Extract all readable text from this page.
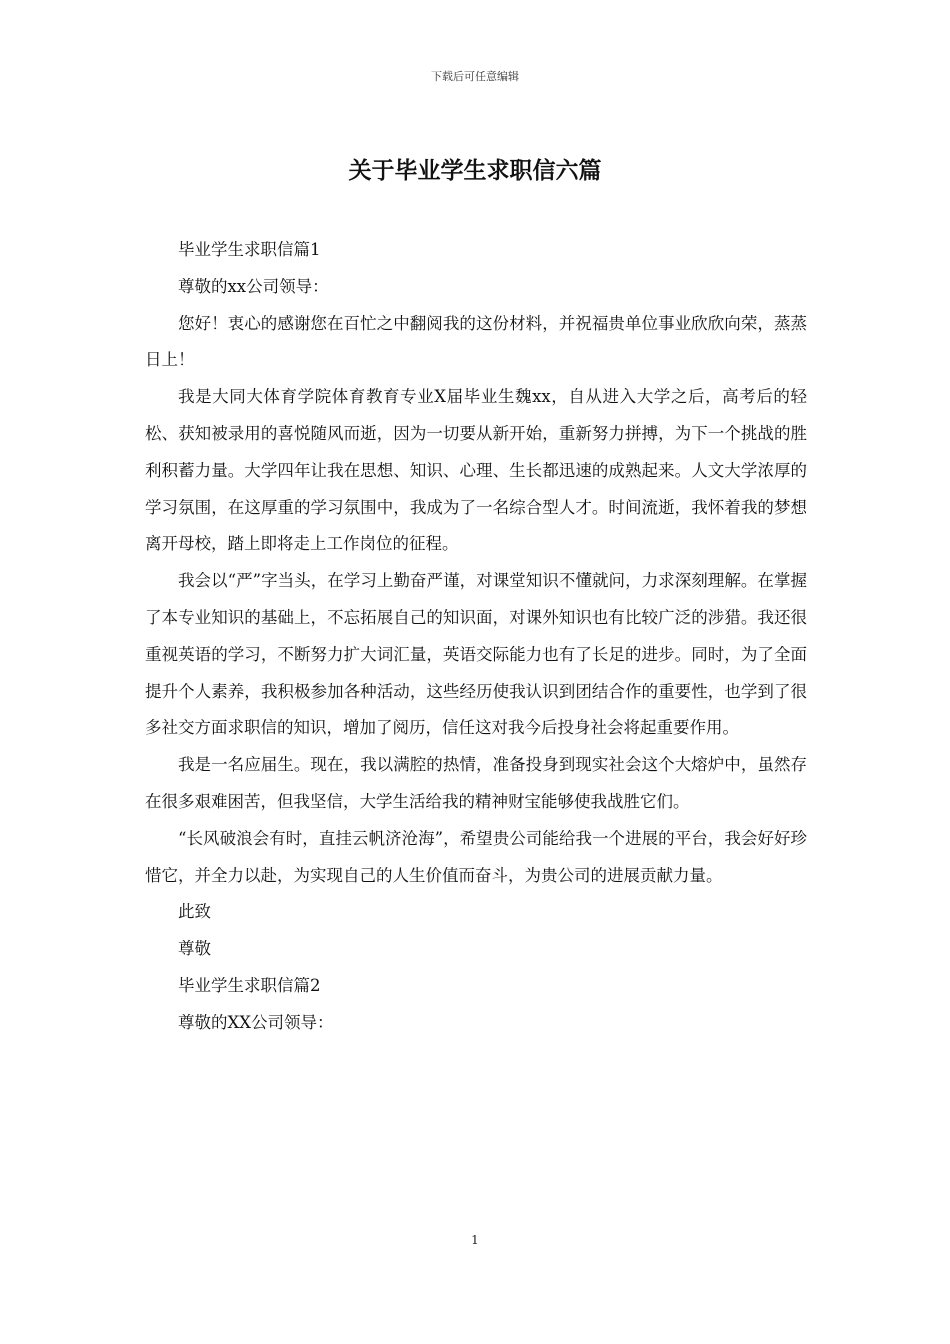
下载后可任意编辑
关于毕业学生求职信六篇

毕业学生求职信篇1

尊敬的xx公司领导：

您好！衷心的感谢您在百忙之中翻阅我的这份材料，并祝福贵单位事业欣欣向荣，蒸蒸日上！

我是大同大体育学院体育教育专业X届毕业生魏xx，自从进入大学之后，高考后的轻松、获知被录用的喜悦随风而逝，因为一切要从新开始，重新努力拼搏，为下一个挑战的胜利积蓄力量。大学四年让我在思想、知识、心理、生长都迅速的成熟起来。人文大学浓厚的学习氛围，在这厚重的学习氛围中，我成为了一名综合型人才。时间流逝，我怀着我的梦想离开母校，踏上即将走上工作岗位的征程。

我会以“严”字当头，在学习上勤奋严谨，对课堂知识不懂就问，力求深刻理解。在掌握了本专业知识的基础上，不忘拓展自己的知识面，对课外知识也有比较广泛的涉猎。我还很重视英语的学习，不断努力扩大词汇量，英语交际能力也有了长足的进步。同时，为了全面提升个人素养，我积极参加各种活动，这些经历使我认识到团结合作的重要性，也学到了很多社交方面求职信的知识，增加了阅历，信任这对我今后投身社会将起重要作用。

我是一名应届生。现在，我以满腔的热情，准备投身到现实社会这个大熔炉中，虽然存在很多艰难困苦，但我坚信，大学生活给我的精神财宝能够使我战胜它们。

“长风破浪会有时，直挂云帆济沧海”，希望贵公司能给我一个进展的平台，我会好好珍惜它，并全力以赴，为实现自己的人生价值而奋斗，为贵公司的进展贡献力量。

此致

尊敬

毕业学生求职信篇2

尊敬的XX公司领导：

1
